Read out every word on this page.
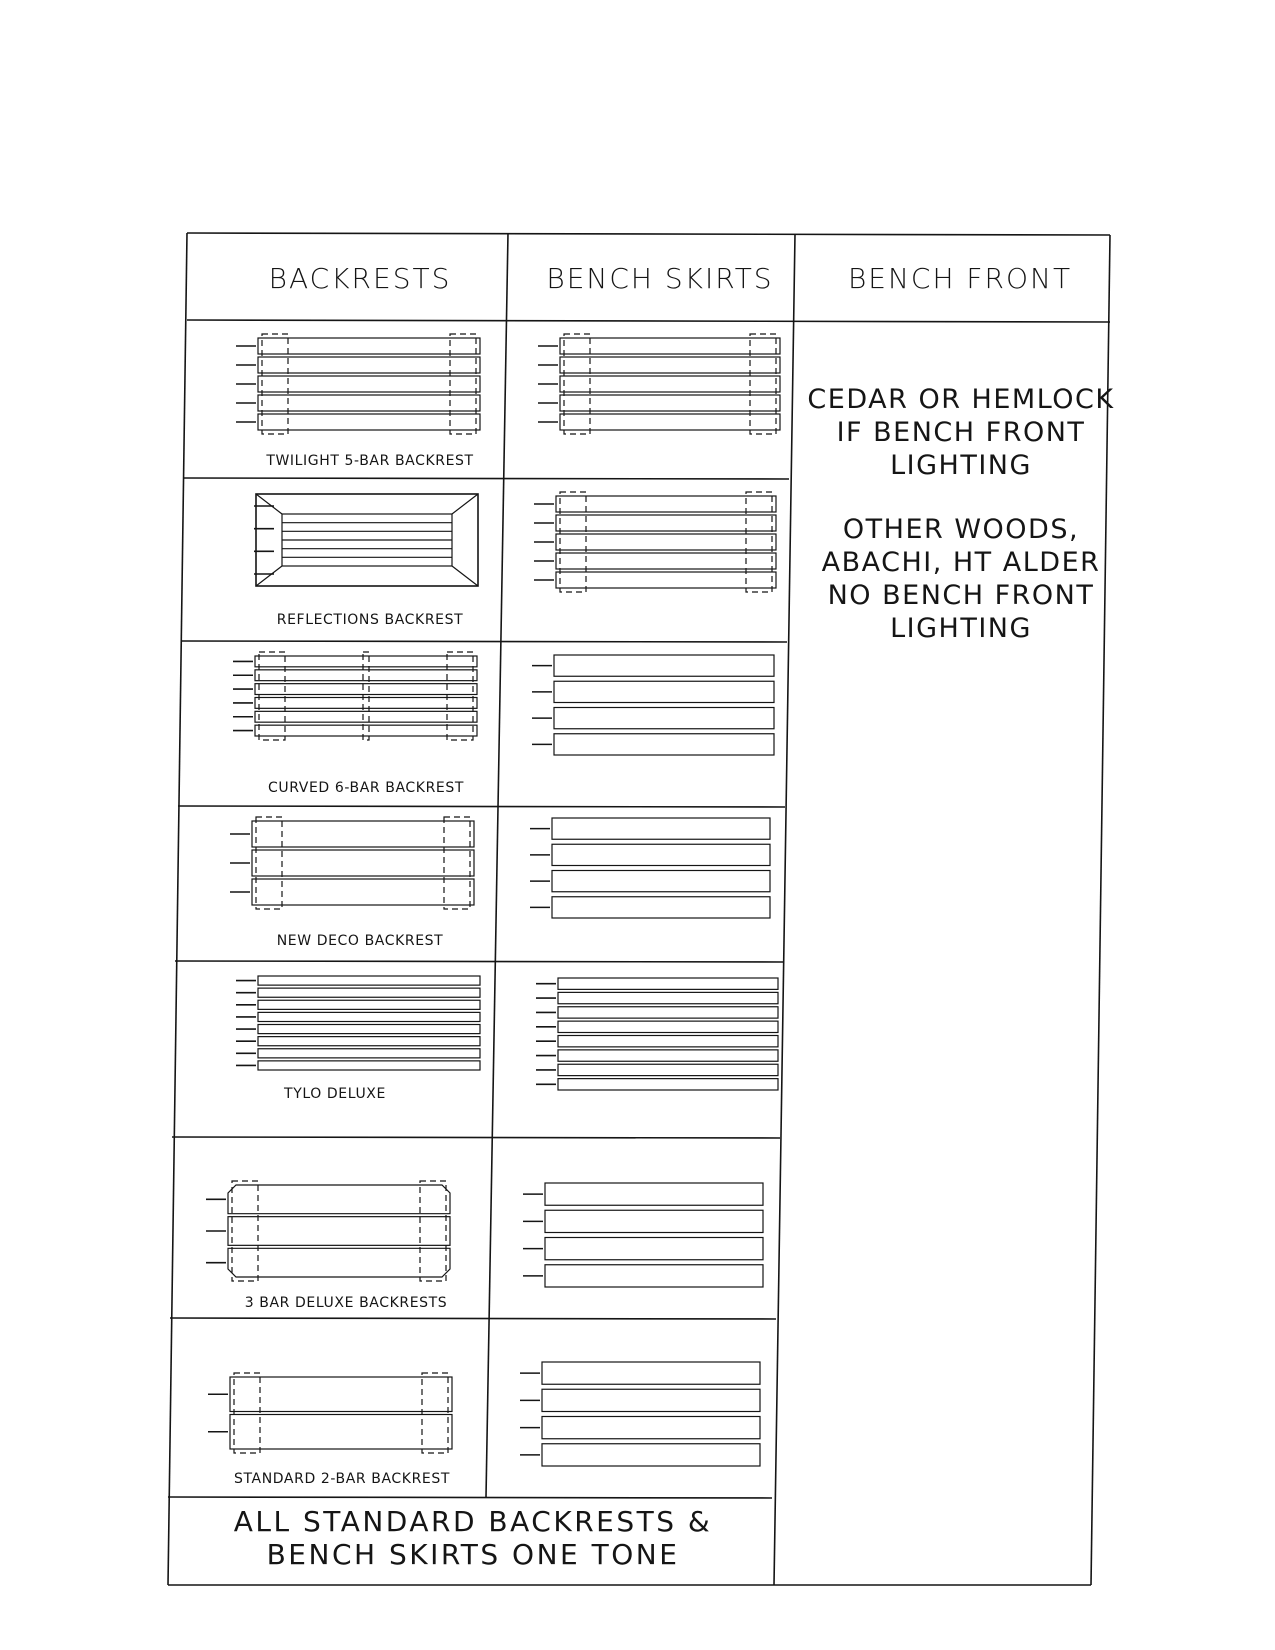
BACKRESTS	BENCH SKIRTS	BENCH FRONT
TWILIGHT 5-BAR BACKREST
REFLECTIONS BACKREST
CURVED 6-BAR BACKREST
NEW DECO BACKREST
TYLO DELUXE
3 BAR DELUXE BACKRESTS
STANDARD 2-BAR BACKREST
CEDAR OR HEMLOCK
IF BENCH FRONT
LIGHTING
OTHER WOODS,
ABACHI, HT ALDER
NO BENCH FRONT
LIGHTING
ALL STANDARD BACKRESTS &
BENCH SKIRTS ONE TONE
